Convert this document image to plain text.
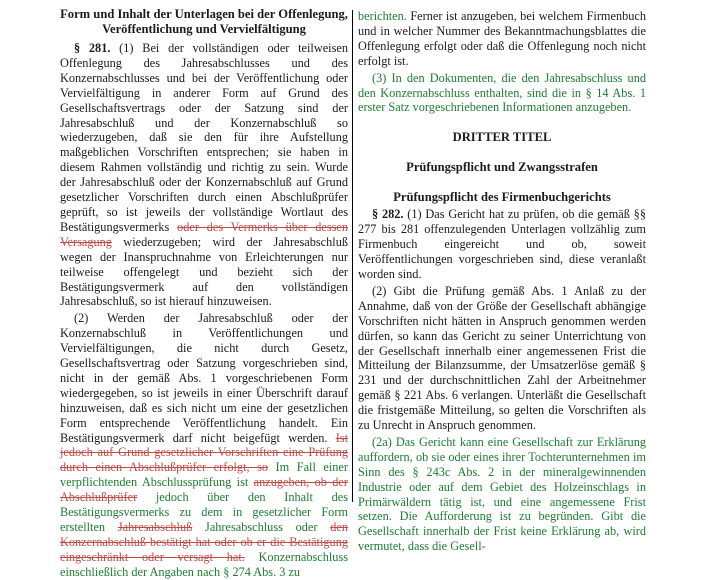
Form und Inhalt der Unterlagen bei der Offenlegung, Veröffentlichung und Vervielfältigung
§ 281. (1) Bei der vollständigen oder teilweisen Offenlegung des Jahresabschlusses und des Konzernabschlusses und bei der Veröffentlichung oder Vervielfältigung in anderer Form auf Grund des Gesellschaftsvertrags oder der Satzung sind der Jahresabschluß und der Konzernabschluß so wiederzugeben, daß sie den für ihre Aufstellung maßgeblichen Vorschriften entsprechen; sie haben in diesem Rahmen vollständig und richtig zu sein. Wurde der Jahresabschluß oder der Konzernabschluß auf Grund gesetzlicher Vorschriften durch einen Abschlußprüfer geprüft, so ist jeweils der vollständige Wortlaut des Bestätigungsvermerks oder des Vermerks über dessen Versagung wiederzugeben; wird der Jahresabschluß wegen der Inanspruchnahme von Erleichterungen nur teilweise offengelegt und bezieht sich der Bestätigungsvermerk auf den vollständigen Jahresabschluß, so ist hierauf hinzuweisen.
(2) Werden der Jahresabschluß oder der Konzernabschluß in Veröffentlichungen und Vervielfältigungen, die nicht durch Gesetz, Gesellschaftsvertrag oder Satzung vorgeschrieben sind, nicht in der gemäß Abs. 1 vorgeschriebenen Form wiedergegeben, so ist jeweils in einer Überschrift darauf hinzuweisen, daß es sich nicht um eine der gesetzlichen Form entsprechende Veröffentlichung handelt. Ein Bestätigungsvermerk darf nicht beigefügt werden. Ist jedoch auf Grund gesetzlicher Vorschriften eine Prüfung durch einen Abschlußprüfer erfolgt, so Im Fall einer verpflichtenden Abschlussprüfung ist anzugeben, ob der Abschlußprüfer jedoch über den Inhalt des Bestätigungsvermerks zu dem in gesetzlicher Form erstellten Jahresabschluß Jahresabschluss oder den Konzernabschluß bestätigt hat oder ob er die Bestätigung eingeschränkt oder versagt hat. Konzernabschluss einschließlich der Angaben nach § 274 Abs. 3 zu
berichten. Ferner ist anzugeben, bei welchem Firmenbuch und in welcher Nummer des Bekanntmachungsblattes die Offenlegung erfolgt oder daß die Offenlegung noch nicht erfolgt ist.
(3) In den Dokumenten, die den Jahresabschluss und den Konzernabschluss enthalten, sind die in § 14 Abs. 1 erster Satz vorgeschriebenen Informationen anzugeben.
DRITTER TITEL
Prüfungspflicht und Zwangsstrafen
Prüfungspflicht des Firmenbuchgerichts
§ 282. (1) Das Gericht hat zu prüfen, ob die gemäß §§ 277 bis 281 offenzulegenden Unterlagen vollzählig zum Firmenbuch eingereicht und ob, soweit Veröffentlichungen vorgeschrieben sind, diese veranlaßt worden sind.
(2) Gibt die Prüfung gemäß Abs. 1 Anlaß zu der Annahme, daß von der Größe der Gesellschaft abhängige Vorschriften nicht hätten in Anspruch genommen werden dürfen, so kann das Gericht zu seiner Unterrichtung von der Gesellschaft innerhalb einer angemessenen Frist die Mitteilung der Bilanzsumme, der Umsatzerlöse gemäß § 231 und der durchschnittlichen Zahl der Arbeitnehmer gemäß § 221 Abs. 6 verlangen. Unterläßt die Gesellschaft die fristgemäße Mitteilung, so gelten die Vorschriften als zu Unrecht in Anspruch genommen.
(2a) Das Gericht kann eine Gesellschaft zur Erklärung auffordern, ob sie oder eines ihrer Tochterunternehmen im Sinn des § 243c Abs. 2 in der mineralgewinnenden Industrie oder auf dem Gebiet des Holzeinschlags in Primärwäldern tätig ist, und eine angemessene Frist setzen. Die Aufforderung ist zu begründen. Gibt die Gesellschaft innerhalb der Frist keine Erklärung ab, wird vermutet, dass die Gesell-
